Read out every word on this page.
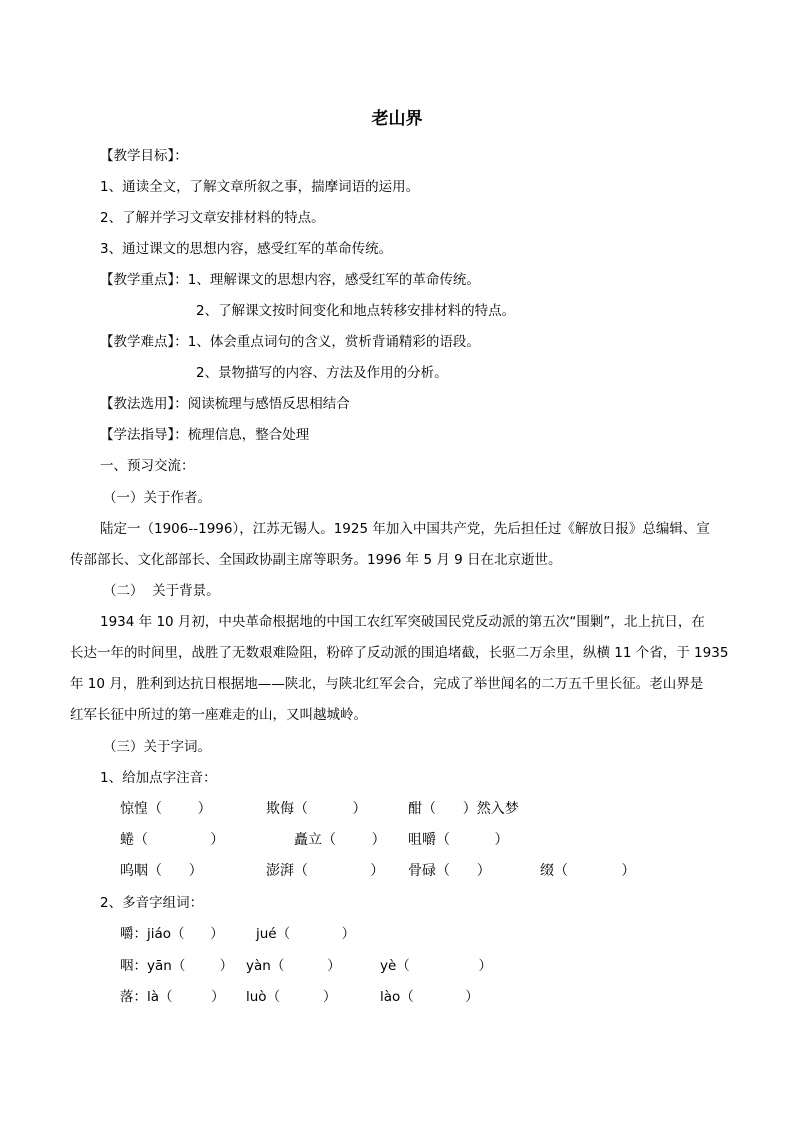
老山界
【教学目标】：
1、通读全文，了解文章所叙之事，揣摩词语的运用。
2、了解并学习文章安排材料的特点。
3、通过课文的思想内容，感受红军的革命传统。
【教学重点】：1、理解课文的思想内容，感受红军的革命传统。
2、了解课文按时间变化和地点转移安排材料的特点。
【教学难点】：1、体会重点词句的含义，赏析背诵精彩的语段。
2、景物描写的内容、方法及作用的分析。
【教法选用】：阅读梳理与感悟反思相结合
【学法指导】：梳理信息，整合处理
一、预习交流：
（一）关于作者。
陆定一（1906--1996），江苏无锡人。1925 年加入中国共产党，先后担任过《解放日报》总编辑、宣
传部部长、文化部部长、全国政协副主席等职务。1996 年 5 月 9 日在北京逝世。
（二）  关于背景。
1934 年 10 月初，中央革命根据地的中国工农红军突破国民党反动派的第五次“围剿”，北上抗日，在
长达一年的时间里，战胜了无数艰难险阻，粉碎了反动派的围追堵截，长驱二万余里，纵横 11 个省，于 1935
年 10 月，胜利到达抗日根据地——陕北，与陕北红军会合，完成了举世闻名的二万五千里长征。老山界是
红军长征中所过的第一座难走的山，又叫越城岭。
（三）关于字词。
1、给加点字注音：
惊惶（        ）	欺侮（          ）	酣（      ）然入梦
蜷（              ）	矗立（        ） 咀嚼（          ）
呜咽（      ）	澎湃（              ） 骨碌（      ）	缀（            ）
2、多音字组词：
嚼：jiáo（      ） jué（            ）
咽：yān（        ） yàn（          ）	yè（                ）
落：là（         ） luò（          ）	lào（            ）
